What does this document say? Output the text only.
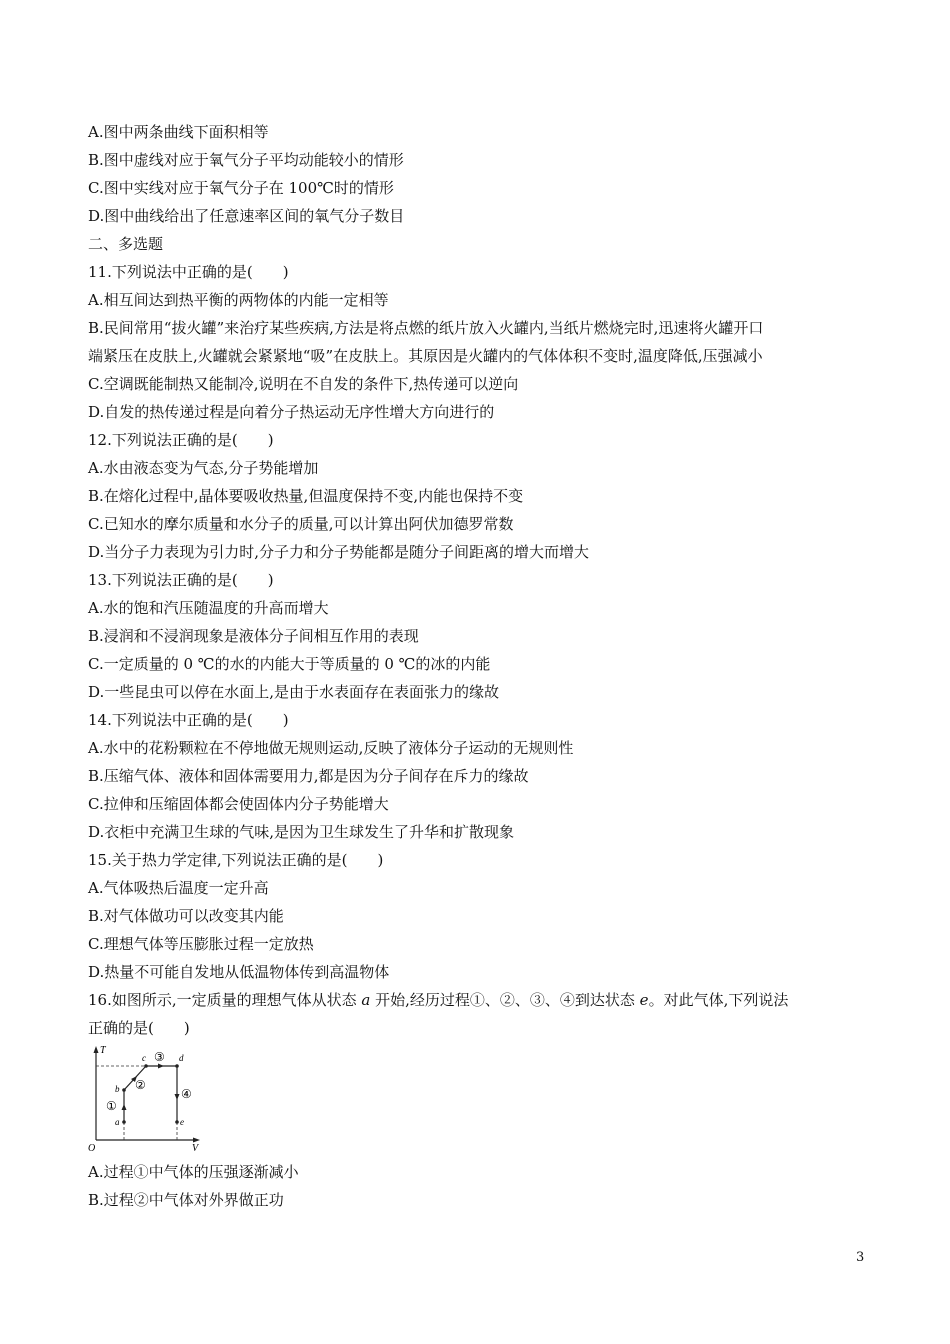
A.图中两条曲线下面积相等
B.图中虚线对应于氧气分子平均动能较小的情形
C.图中实线对应于氧气分子在 100℃时的情形
D.图中曲线给出了任意速率区间的氧气分子数目
二、多选题
11.下列说法中正确的是(　　)
A.相互间达到热平衡的两物体的内能一定相等
B.民间常用“拔火罐”来治疗某些疾病,方法是将点燃的纸片放入火罐内,当纸片燃烧完时,迅速将火罐开口
端紧压在皮肤上,火罐就会紧紧地“吸”在皮肤上。其原因是火罐内的气体体积不变时,温度降低,压强减小
C.空调既能制热又能制冷,说明在不自发的条件下,热传递可以逆向
D.自发的热传递过程是向着分子热运动无序性增大方向进行的
12.下列说法正确的是(　　)
A.水由液态变为气态,分子势能增加
B.在熔化过程中,晶体要吸收热量,但温度保持不变,内能也保持不变
C.已知水的摩尔质量和水分子的质量,可以计算出阿伏加德罗常数
D.当分子力表现为引力时,分子力和分子势能都是随分子间距离的增大而增大
13.下列说法正确的是(　　)
A.水的饱和汽压随温度的升高而增大
B.浸润和不浸润现象是液体分子间相互作用的表现
C.一定质量的 0 ℃的水的内能大于等质量的 0 ℃的冰的内能
D.一些昆虫可以停在水面上,是由于水表面存在表面张力的缘故
14.下列说法中正确的是(　　)
A.水中的花粉颗粒在不停地做无规则运动,反映了液体分子运动的无规则性
B.压缩气体、液体和固体需要用力,都是因为分子间存在斥力的缘故
C.拉伸和压缩固体都会使固体内分子势能增大
D.衣柜中充满卫生球的气味,是因为卫生球发生了升华和扩散现象
15.关于热力学定律,下列说法正确的是(　　)
A.气体吸热后温度一定升高
B.对气体做功可以改变其内能
C.理想气体等压膨胀过程一定放热
D.热量不可能自发地从低温物体传到高温物体
16.如图所示,一定质量的理想气体从状态 a 开始,经历过程①、②、③、④到达状态 e。对此气体,下列说法
正确的是(　　)
T
V
O
a
b
c	d
e
①
②
③
④
A.过程①中气体的压强逐渐减小
B.过程②中气体对外界做正功
3
